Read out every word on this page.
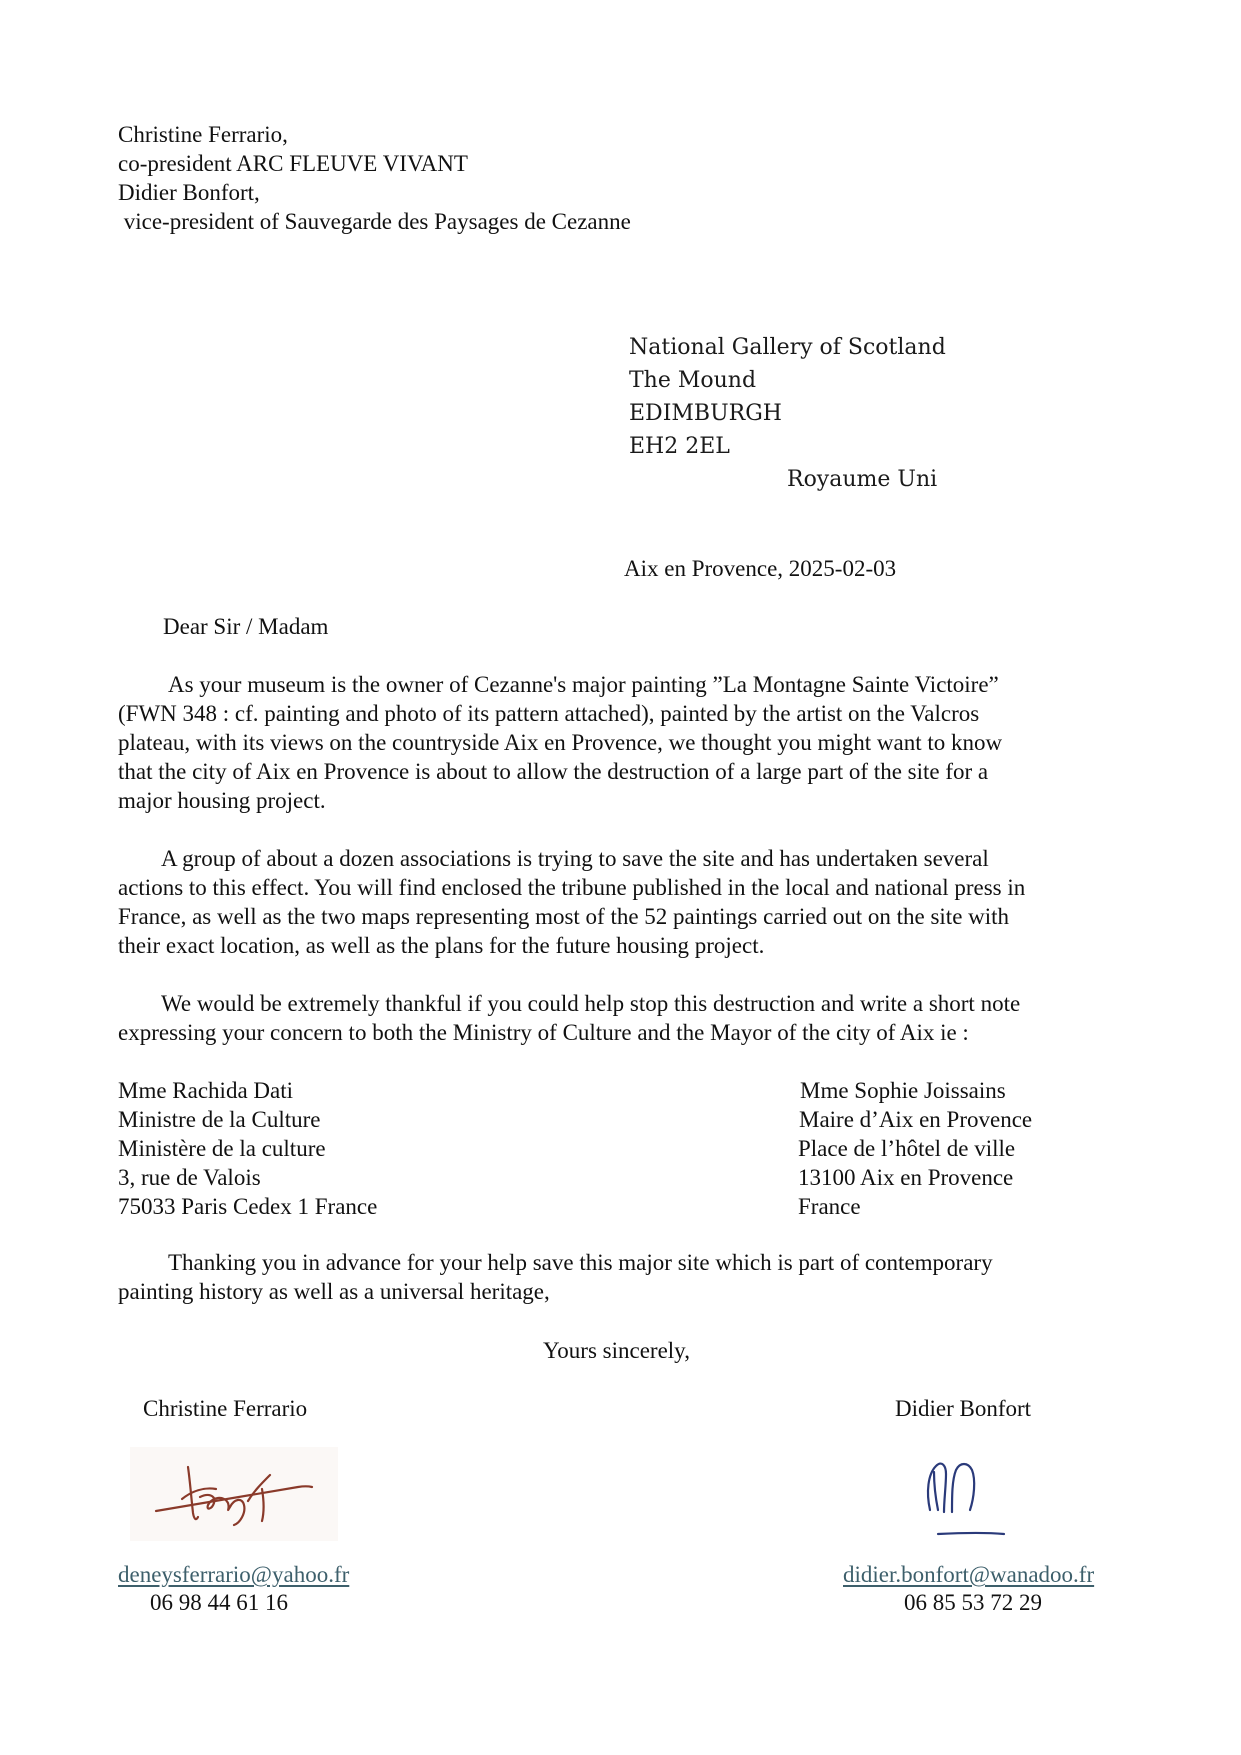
Christine Ferrario,
co-president ARC FLEUVE VIVANT
Didier Bonfort,
vice-president of Sauvegarde des Paysages de Cezanne
National Gallery of Scotland
The Mound
EDIMBURGH
EH2 2EL
Royaume Uni
Aix en Provence, 2025-02-03
Dear Sir / Madam
As your museum is the owner of Cezanne's major painting ”La Montagne Sainte Victoire”
(FWN 348 : cf. painting and photo of its pattern attached), painted by the artist on the Valcros
plateau, with its views on the countryside Aix en Provence, we thought you might want to know
that the city of Aix en Provence is about to allow the destruction of a large part of the site for a
major housing project.
A group of about a dozen associations is trying to save the site and has undertaken several
actions to this effect. You will find enclosed the tribune published in the local and national press in
France, as well as the two maps representing most of the 52 paintings carried out on the site with
their exact location, as well as the plans for the future housing project.
We would be extremely thankful if you could help stop this destruction and write a short note
expressing your concern to both the Ministry of Culture and the Mayor of the city of Aix ie :
Mme Rachida Dati
Ministre de la Culture
Ministère de la culture
3, rue de Valois
75033 Paris Cedex 1 France
Mme Sophie Joissains
Maire d’Aix en Provence
Place de l’hôtel de ville
13100 Aix en Provence
France
Thanking you in advance for your help save this major site which is part of contemporary
painting history as well as a universal heritage,
Yours sincerely,
Christine Ferrario	Didier Bonfort
deneysferrario@yahoo.fr
06 98 44 61 16
didier.bonfort@wanadoo.fr
06 85 53 72 29
